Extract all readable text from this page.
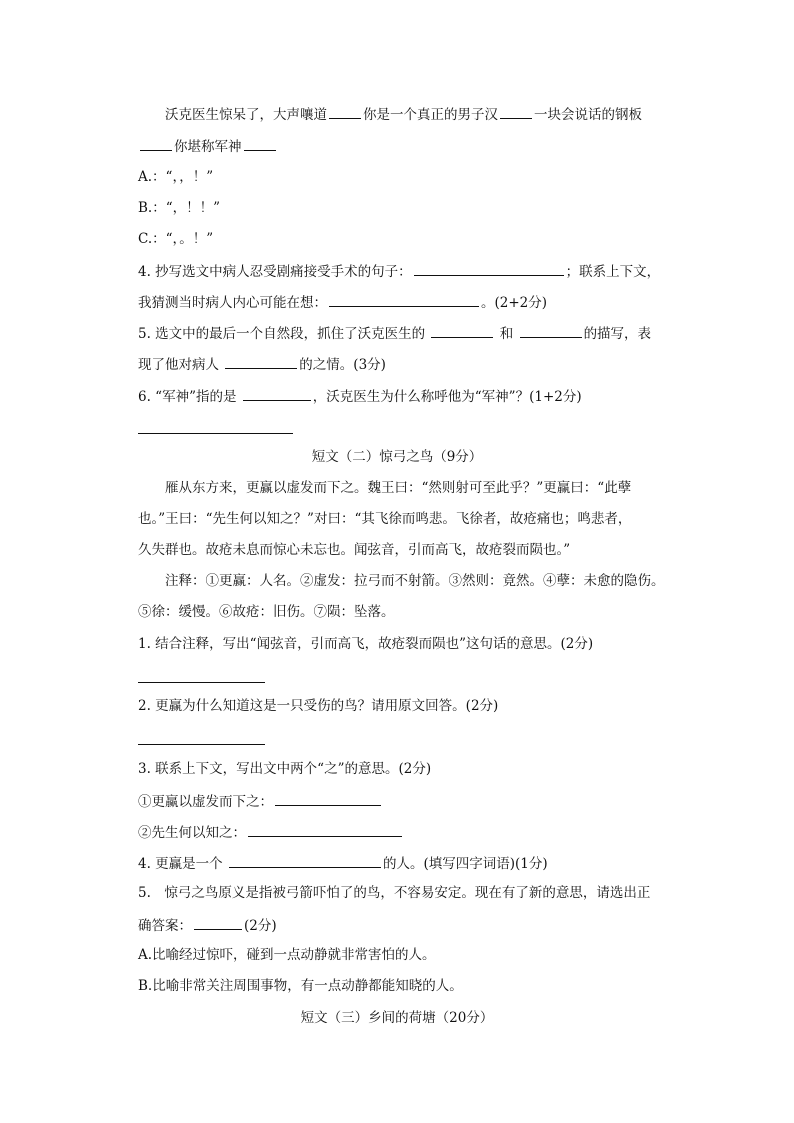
沃克医生惊呆了，大声嚷道	你是一个真正的男子汉	一块会说话的钢板
你堪称军神
A.：“，，！”
B.：“，！！”
C.：“，。！”
4. 抄写选文中病人忍受剧痛接受手术的句子：	；联系上下文，
我猜测当时病人内心可能在想：	。(2+2分)
5. 选文中的最后一个自然段，抓住了沃克医生的	和	的描写，表
现了他对病人	的之情。(3分)
6. “军神”指的是	，沃克医生为什么称呼他为“军神”？(1+2分)
短文（二）惊弓之鸟（9分）
雁从东方来，更赢以虚发而下之。魏王曰：“然则射可至此乎？”更赢曰：“此孽
也。”王曰：“先生何以知之？”对曰：“其飞徐而鸣悲。飞徐者，故疮痛也；鸣悲者，
久失群也。故疮未息而惊心未忘也。闻弦音，引而高飞，故疮裂而陨也。”
注释：①更赢：人名。②虚发：拉弓而不射箭。③然则：竟然。④孽：未愈的隐伤。
⑤徐：缓慢。⑥故疮：旧伤。⑦陨：坠落。
1. 结合注释，写出“闻弦音，引而高飞，故疮裂而陨也”这句话的意思。(2分)
2. 更赢为什么知道这是一只受伤的鸟？请用原文回答。(2分)
3. 联系上下文，写出文中两个“之”的意思。(2分)
①更赢以虚发而下之：
②先生何以知之：
4. 更赢是一个	的人。(填写四字词语)(1分)
5.　惊弓之鸟原义是指被弓箭吓怕了的鸟，不容易安定。现在有了新的意思，请选出正
确答案：	(2分)
A.比喻经过惊吓，碰到一点动静就非常害怕的人。
B.比喻非常关注周围事物，有一点动静都能知晓的人。
短文（三）乡间的荷塘（20分）
